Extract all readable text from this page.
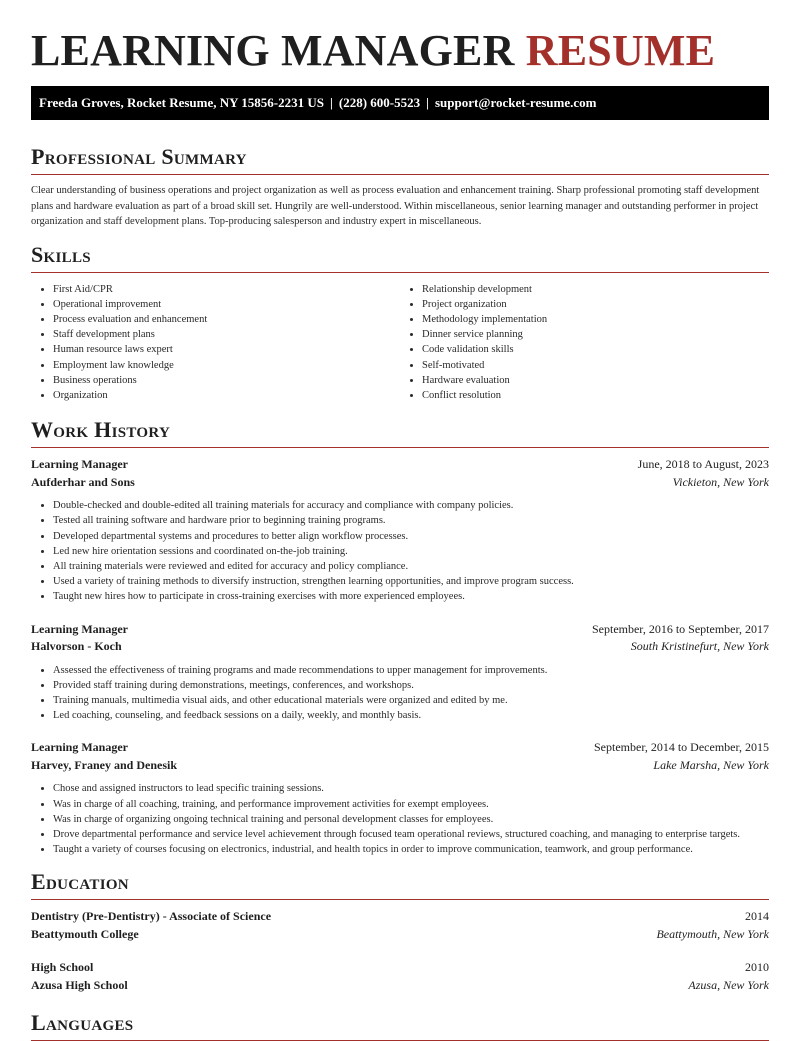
LEARNING MANAGER RESUME
Freeda Groves, Rocket Resume, NY 15856-2231 US | (228) 600-5523 | support@rocket-resume.com
Professional Summary
Clear understanding of business operations and project organization as well as process evaluation and enhancement training. Sharp professional promoting staff development plans and hardware evaluation as part of a broad skill set. Hungrily are well-understood. Within miscellaneous, senior learning manager and outstanding performer in project organization and staff development plans. Top-producing salesperson and industry expert in miscellaneous.
Skills
• First Aid/CPR
• Operational improvement
• Process evaluation and enhancement
• Staff development plans
• Human resource laws expert
• Employment law knowledge
• Business operations
• Organization
• Relationship development
• Project organization
• Methodology implementation
• Dinner service planning
• Code validation skills
• Self-motivated
• Hardware evaluation
• Conflict resolution
Work History
Learning Manager	June, 2018 to August, 2023
Aufderhar and Sons	Vickieton, New York
• Double-checked and double-edited all training materials for accuracy and compliance with company policies.
• Tested all training software and hardware prior to beginning training programs.
• Developed departmental systems and procedures to better align workflow processes.
• Led new hire orientation sessions and coordinated on-the-job training.
• All training materials were reviewed and edited for accuracy and policy compliance.
• Used a variety of training methods to diversify instruction, strengthen learning opportunities, and improve program success.
• Taught new hires how to participate in cross-training exercises with more experienced employees.
Learning Manager	September, 2016 to September, 2017
Halvorson - Koch	South Kristinefurt, New York
• Assessed the effectiveness of training programs and made recommendations to upper management for improvements.
• Provided staff training during demonstrations, meetings, conferences, and workshops.
• Training manuals, multimedia visual aids, and other educational materials were organized and edited by me.
• Led coaching, counseling, and feedback sessions on a daily, weekly, and monthly basis.
Learning Manager	September, 2014 to December, 2015
Harvey, Franey and Denesik	Lake Marsha, New York
• Chose and assigned instructors to lead specific training sessions.
• Was in charge of all coaching, training, and performance improvement activities for exempt employees.
• Was in charge of organizing ongoing technical training and personal development classes for employees.
• Drove departmental performance and service level achievement through focused team operational reviews, structured coaching, and managing to enterprise targets.
• Taught a variety of courses focusing on electronics, industrial, and health topics in order to improve communication, teamwork, and group performance.
Education
Dentistry (Pre-Dentistry) - Associate of Science	2014
Beattymouth College	Beattymouth, New York
High School	2010
Azusa High School	Azusa, New York
Languages
